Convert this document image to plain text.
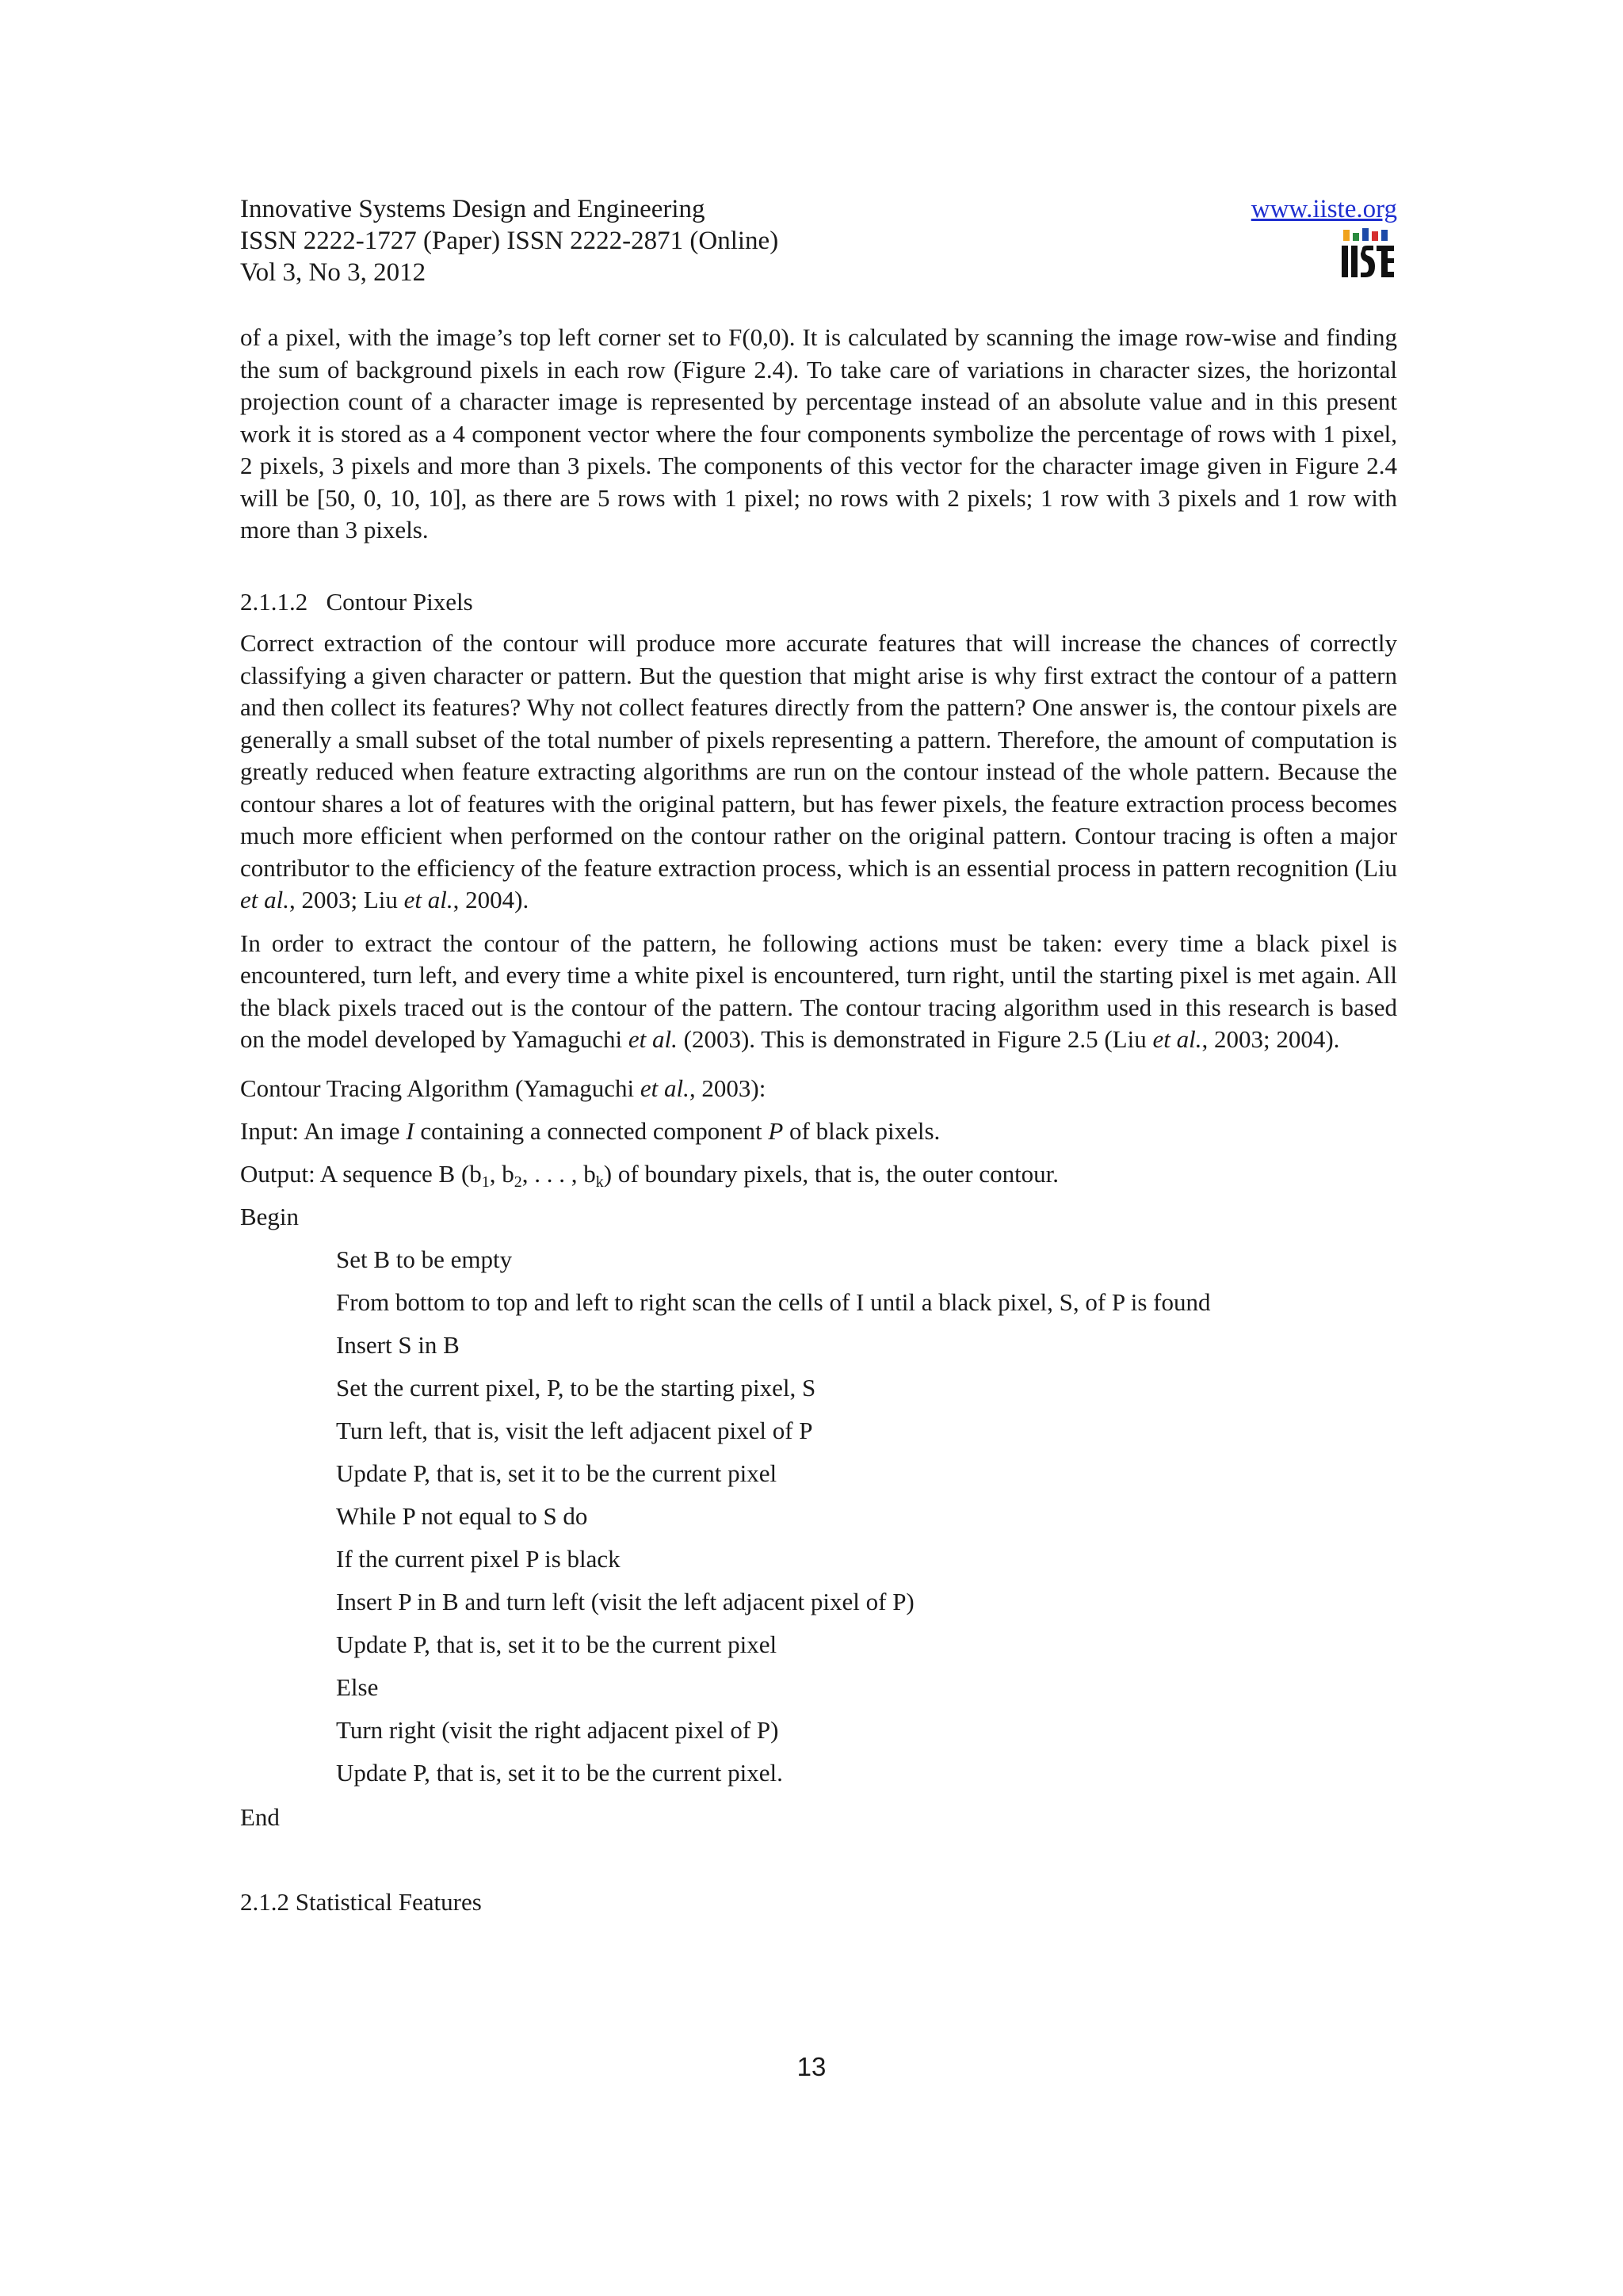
Innovative Systems Design and Engineering
ISSN 2222-1727 (Paper) ISSN 2222-2871 (Online)
Vol 3, No 3, 2012
www.iiste.org

of a pixel, with the image’s top left corner set to F(0,0). It is calculated by scanning the image row-wise and finding the sum of background pixels in each row (Figure 2.4). To take care of variations in character sizes, the horizontal projection count of a character image is represented by percentage instead of an absolute value and in this present work it is stored as a 4 component vector where the four components symbolize the percentage of rows with 1 pixel, 2 pixels, 3 pixels and more than 3 pixels. The components of this vector for the character image given in Figure 2.4 will be [50, 0, 10, 10], as there are 5 rows with 1 pixel; no rows with 2 pixels; 1 row with 3 pixels and 1 row with more than 3 pixels.

2.1.1.2   Contour Pixels

Correct extraction of the contour will produce more accurate features that will increase the chances of correctly classifying a given character or pattern. But the question that might arise is why first extract the contour of a pattern and then collect its features? Why not collect features directly from the pattern? One answer is, the contour pixels are generally a small subset of the total number of pixels representing a pattern. Therefore, the amount of computation is greatly reduced when feature extracting algorithms are run on the contour instead of the whole pattern. Because the contour shares a lot of features with the original pattern, but has fewer pixels, the feature extraction process becomes much more efficient when performed on the contour rather on the original pattern. Contour tracing is often a major contributor to the efficiency of the feature extraction process, which is an essential process in pattern recognition (Liu et al., 2003; Liu et al., 2004).

In order to extract the contour of the pattern, he following actions must be taken: every time a black pixel is encountered, turn left, and every time a white pixel is encountered, turn right, until the starting pixel is met again. All the black pixels traced out is the contour of the pattern. The contour tracing algorithm used in this research is based on the model developed by Yamaguchi et al. (2003). This is demonstrated in Figure 2.5 (Liu et al., 2003; 2004).

Contour Tracing Algorithm (Yamaguchi et al., 2003):
Input: An image I containing a connected component P of black pixels.
Output: A sequence B ($b_1$, $b_2$, . . . , $b_k$) of boundary pixels, that is, the outer contour.
Begin
Set B to be empty
From bottom to top and left to right scan the cells of I until a black pixel, S, of P is found
Insert S in B
Set the current pixel, P, to be the starting pixel, S
Turn left, that is, visit the left adjacent pixel of P
Update P, that is, set it to be the current pixel
While P not equal to S do
If the current pixel P is black
Insert P in B and turn left (visit the left adjacent pixel of P)
Update P, that is, set it to be the current pixel
Else
Turn right (visit the right adjacent pixel of P)
Update P, that is, set it to be the current pixel.
End
2.1.2 Statistical Features
13
